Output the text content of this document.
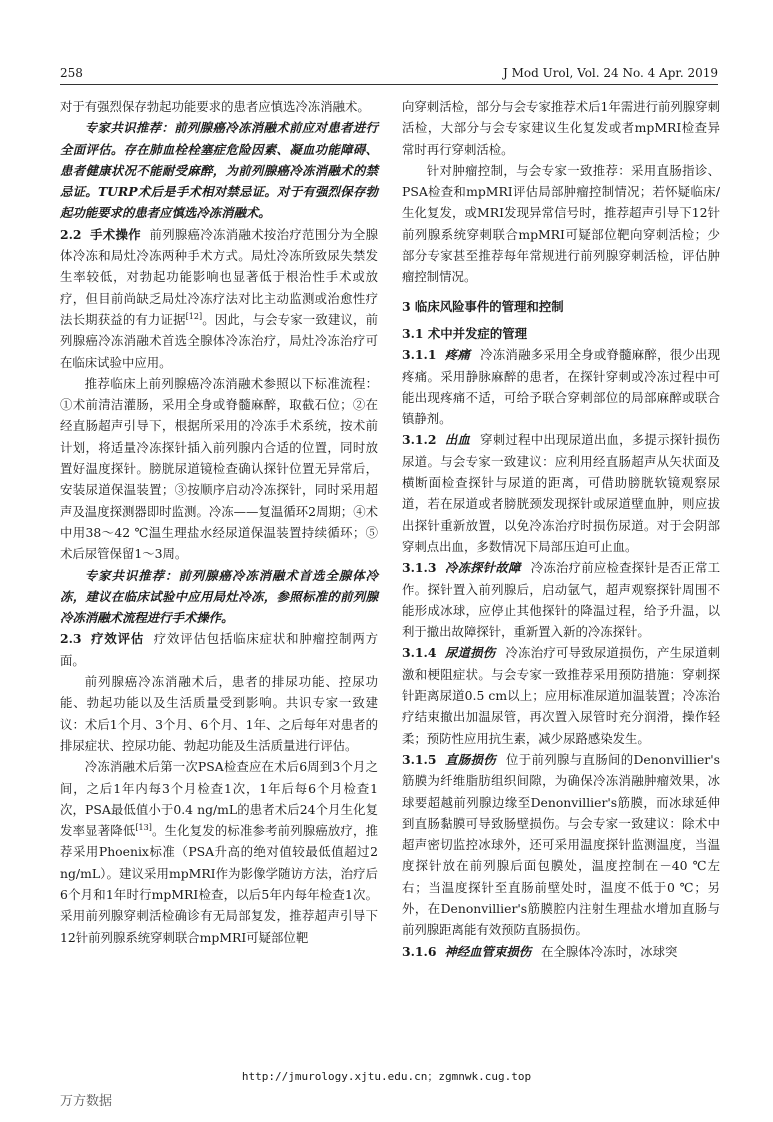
258	J Mod Urol, Vol. 24 No. 4 Apr. 2019

对于有强烈保存勃起功能要求的患者应慎选冷冻消融术。

专家共识推荐：前列腺癌冷冻消融术前应对患者进行全面评估。存在肺血栓栓塞症危险因素、凝血功能障碍、患者健康状况不能耐受麻醉，为前列腺癌冷冻消融术的禁忌证。TURP术后是手术相对禁忌证。对于有强烈保存勃起功能要求的患者应慎选冷冻消融术。

2.2 手术操作 前列腺癌冷冻消融术按治疗范围分为全腺体冷冻和局灶冷冻两种手术方式。局灶冷冻所致尿失禁发生率较低，对勃起功能影响也显著低于根治性手术或放疗，但目前尚缺乏局灶冷冻疗法对比主动监测或治愈性疗法长期获益的有力证据[12]。因此，与会专家一致建议，前列腺癌冷冻消融术首选全腺体冷冻治疗，局灶冷冻治疗可在临床试验中应用。

推荐临床上前列腺癌冷冻消融术参照以下标准流程：①术前清洁灌肠，采用全身或脊髓麻醉，取截石位；②在经直肠超声引导下，根据所采用的冷冻手术系统，按术前计划，将适量冷冻探针插入前列腺内合适的位置，同时放置好温度探针。膀胱尿道镜检查确认探针位置无异常后，安装尿道保温装置；③按顺序启动冷冻探针，同时采用超声及温度探测器即时监测。冷冻——复温循环2周期；④术中用38～42 ℃温生理盐水经尿道保温装置持续循环；⑤术后尿管保留1～3周。

专家共识推荐：前列腺癌冷冻消融术首选全腺体冷冻，建议在临床试验中应用局灶冷冻，参照标准的前列腺冷冻消融术流程进行手术操作。

2.3 疗效评估 疗效评估包括临床症状和肿瘤控制两方面。

前列腺癌冷冻消融术后，患者的排尿功能、控尿功能、勃起功能以及生活质量受到影响。共识专家一致建议：术后1个月、3个月、6个月、1年、之后每年对患者的排尿症状、控尿功能、勃起功能及生活质量进行评估。

冷冻消融术后第一次PSA检查应在术后6周到3个月之间，之后1年内每3个月检查1次，1年后每6个月检查1次，PSA最低值小于0.4 ng/mL的患者术后24个月生化复发率显著降低[13]。生化复发的标准参考前列腺癌放疗，推荐采用Phoenix标准（PSA升高的绝对值较最低值超过2 ng/mL）。建议采用mpMRI作为影像学随访方法，治疗后6个月和1年时行mpMRI检查，以后5年内每年检查1次。采用前列腺穿刺活检确诊有无局部复发，推荐超声引导下12针前列腺系统穿刺联合mpMRI可疑部位靶

向穿刺活检，部分与会专家推荐术后1年需进行前列腺穿刺活检，大部分与会专家建议生化复发或者mpMRI检查异常时再行穿刺活检。

针对肿瘤控制，与会专家一致推荐：采用直肠指诊、PSA检查和mpMRI评估局部肿瘤控制情况；若怀疑临床/生化复发，或MRI发现异常信号时，推荐超声引导下12针前列腺系统穿刺联合mpMRI可疑部位靶向穿刺活检；少部分专家甚至推荐每年常规进行前列腺穿刺活检，评估肿瘤控制情况。

3 临床风险事件的管理和控制
3.1 术中并发症的管理

3.1.1 疼痛 冷冻消融多采用全身或脊髓麻醉，很少出现疼痛。采用静脉麻醉的患者，在探针穿刺或冷冻过程中可能出现疼痛不适，可给予联合穿刺部位的局部麻醉或联合镇静剂。

3.1.2 出血 穿刺过程中出现尿道出血，多提示探针损伤尿道。与会专家一致建议：应利用经直肠超声从矢状面及横断面检查探针与尿道的距离，可借助膀胱软镜观察尿道，若在尿道或者膀胱颈发现探针或尿道壁血肿，则应拔出探针重新放置，以免冷冻治疗时损伤尿道。对于会阴部穿刺点出血，多数情况下局部压迫可止血。

3.1.3 冷冻探针故障 冷冻治疗前应检查探针是否正常工作。探针置入前列腺后，启动氩气，超声观察探针周围不能形成冰球，应停止其他探针的降温过程，给予升温，以利于撤出故障探针，重新置入新的冷冻探针。

3.1.4 尿道损伤 冷冻治疗可导致尿道损伤，产生尿道刺激和梗阻症状。与会专家一致推荐采用预防措施：穿刺探针距离尿道0.5 cm以上；应用标准尿道加温装置；冷冻治疗结束撤出加温尿管，再次置入尿管时充分润滑，操作轻柔；预防性应用抗生素，减少尿路感染发生。

3.1.5 直肠损伤 位于前列腺与直肠间的Denonvillier's筋膜为纤维脂肪组织间隙，为确保冷冻消融肿瘤效果，冰球要超越前列腺边缘至Denonvillier's筋膜，而冰球延伸到直肠黏膜可导致肠壁损伤。与会专家一致建议：除术中超声密切监控冰球外，还可采用温度探针监测温度，当温度探针放在前列腺后面包膜处，温度控制在－40 ℃左右；当温度探针至直肠前壁处时，温度不低于0 ℃；另外，在Denonvillier's筋膜腔内注射生理盐水增加直肠与前列腺距离能有效预防直肠损伤。

3.1.6 神经血管束损伤 在全腺体冷冻时，冰球突

http://jmurology.xjtu.edu.cn；zgmnwk.cug.top
万方数据
